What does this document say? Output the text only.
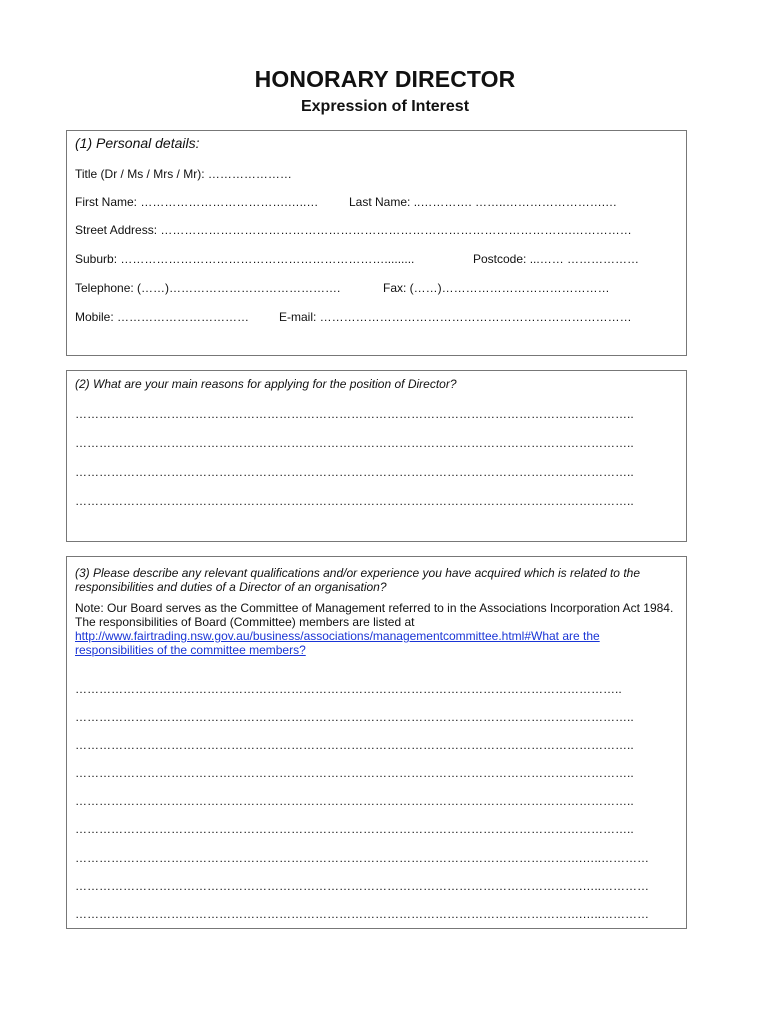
HONORARY DIRECTOR
Expression of Interest
(1) Personal details:
Title (Dr / Ms / Mrs / Mr): …………………
First Name: ……………………………….…..…	Last Name: ..…………. ……..…………………….…
Street Address: ………………………………………………………………………………………….……………
Suburb: ………………………………………………………….........	Postcode: ...…… ………………
Telephone: (……)…………………………………….	Fax: (……)……………………………………
Mobile: …………………………… E-mail: ……………………………………………………………………
(2) What are your main reasons for applying for the position of Director?
…………………………………………………………………………………………………………………………..
…………………………………………………………………………………………………………………………..
…………………………………………………………………………………………………………………………..
…………………………………………………………………………………………………………………………..
(3) Please describe any relevant qualifications and/or experience you have acquired which is related to the responsibilities and duties of a Director of an organisation?
Note: Our Board serves as the Committee of Management referred to in the Associations Incorporation Act 1984. The responsibilities of Board (Committee) members are listed at http://www.fairtrading.nsw.gov.au/business/associations/managementcommittee.html#What are the responsibilities of the committee members?
………………………………………………………………………………………………………………………..
…………………………………………………………………………………………………………………………..
…………………………………………………………………………………………………………………………..
…………………………………………………………………………………………………………………………..
…………………………………………………………………………………………………………………………..
…………………………………………………………………………………………………………………………..
……………………………………………………………………………………………………………….…..…………
……………………………………………………………………………………………………………….…..…………
……………………………………………………………………………………………………………….…..…………
